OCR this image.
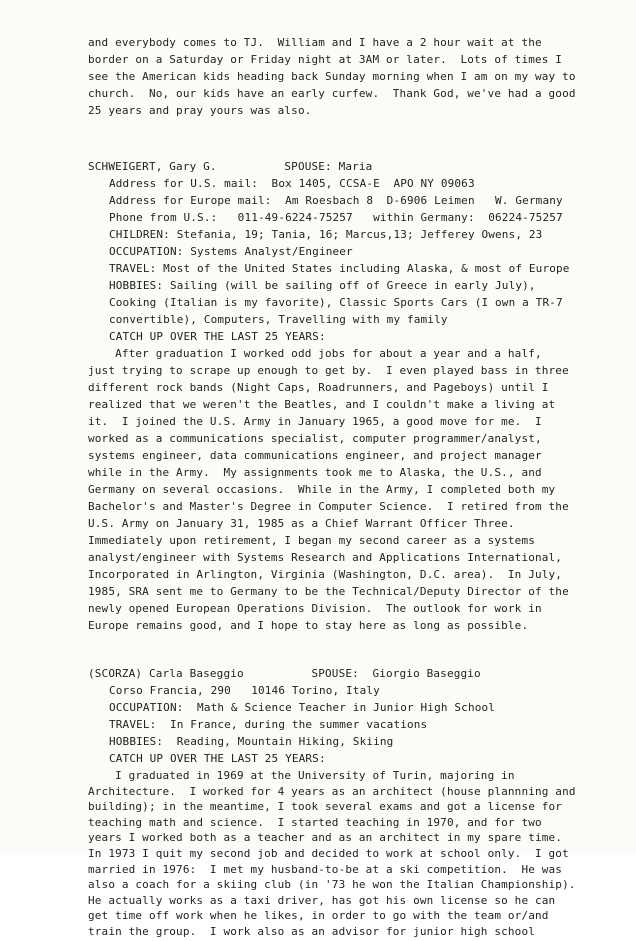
and everybody comes to TJ.  William and I have a 2 hour wait at the
border on a Saturday or Friday night at 3AM or later.  Lots of times I
see the American kids heading back Sunday morning when I am on my way to
church.  No, our kids have an early curfew.  Thank God, we've had a good
25 years and pray yours was also.
SCHWEIGERT, Gary G.          SPOUSE: Maria
Address for U.S. mail:  Box 1405, CCSA-E  APO NY 09063
Address for Europe mail:  Am Roesbach 8  D-6906 Leimen   W. Germany
Phone from U.S.:   011-49-6224-75257   within Germany:  06224-75257
CHILDREN: Stefania, 19; Tania, 16; Marcus,13; Jefferey Owens, 23
OCCUPATION: Systems Analyst/Engineer
TRAVEL: Most of the United States including Alaska, & most of Europe
HOBBIES: Sailing (will be sailing off of Greece in early July),
Cooking (Italian is my favorite), Classic Sports Cars (I own a TR-7
convertible), Computers, Travelling with my family
CATCH UP OVER THE LAST 25 YEARS:
After graduation I worked odd jobs for about a year and a half,
just trying to scrape up enough to get by.  I even played bass in three
different rock bands (Night Caps, Roadrunners, and Pageboys) until I
realized that we weren't the Beatles, and I couldn't make a living at
it.  I joined the U.S. Army in January 1965, a good move for me.  I
worked as a communications specialist, computer programmer/analyst,
systems engineer, data communications engineer, and project manager
while in the Army.  My assignments took me to Alaska, the U.S., and
Germany on several occasions.  While in the Army, I completed both my
Bachelor's and Master's Degree in Computer Science.  I retired from the
U.S. Army on January 31, 1985 as a Chief Warrant Officer Three.
Immediately upon retirement, I began my second career as a systems
analyst/engineer with Systems Research and Applications International,
Incorporated in Arlington, Virginia (Washington, D.C. area).  In July,
1985, SRA sent me to Germany to be the Technical/Deputy Director of the
newly opened European Operations Division.  The outlook for work in
Europe remains good, and I hope to stay here as long as possible.
(SCORZA) Carla Baseggio          SPOUSE:  Giorgio Baseggio
Corso Francia, 290   10146 Torino, Italy
OCCUPATION:  Math & Science Teacher in Junior High School
TRAVEL:  In France, during the summer vacations
HOBBIES:  Reading, Mountain Hiking, Skiing
CATCH UP OVER THE LAST 25 YEARS:
I graduated in 1969 at the University of Turin, majoring in
Architecture.  I worked for 4 years as an architect (house plannning and
building); in the meantime, I took several exams and got a license for
teaching math and science.  I started teaching in 1970, and for two
years I worked both as a teacher and as an architect in my spare time.
In 1973 I quit my second job and decided to work at school only.  I got
married in 1976:  I met my husband-to-be at a ski competition.  He was
also a coach for a skiing club (in '73 he won the Italian Championship).
He actually works as a taxi driver, has got his own license so he can
get time off work when he likes, in order to go with the team or/and
train the group.  I work also as an advisor for junior high school
